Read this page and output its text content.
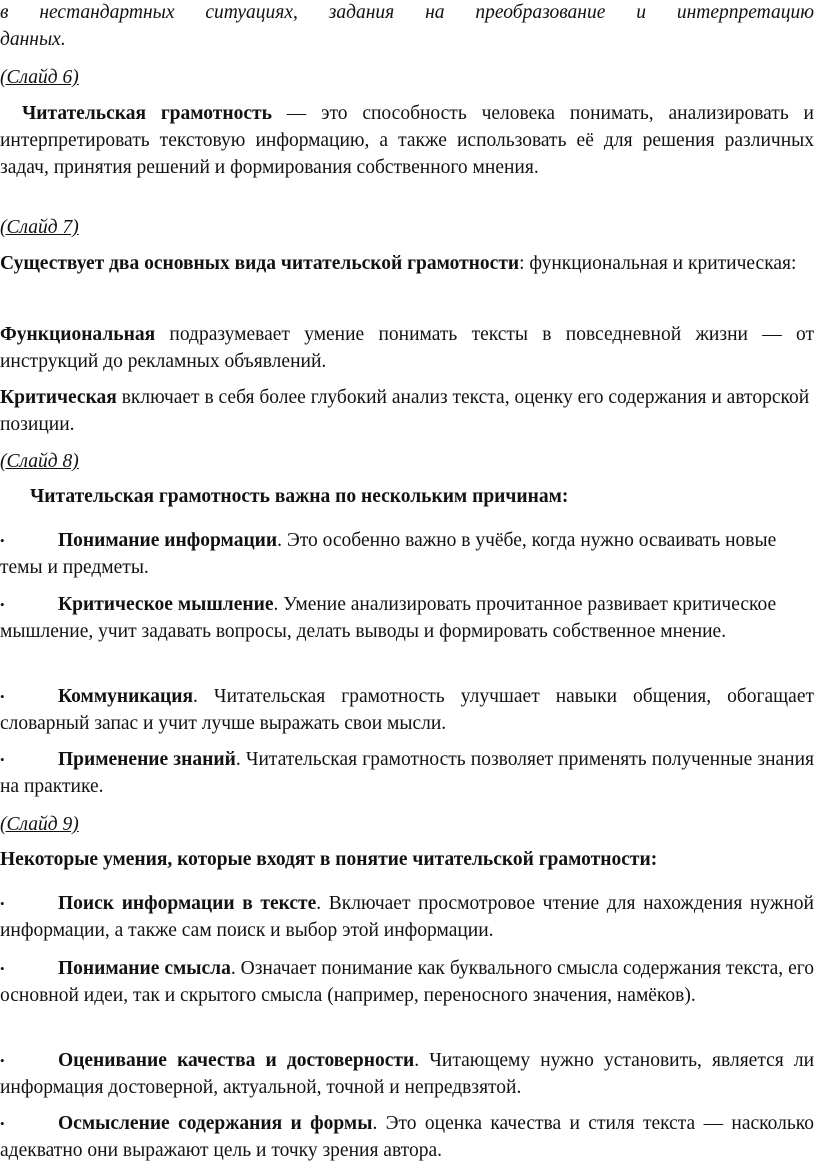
в нестандартных ситуациях, задания на преобразование и интерпретацию

данных.

(Слайд 6)

Читательская грамотность — это способность человека понимать, анализировать и интерпретировать текстовую информацию, а также использовать её для решения различных задач, принятия решений и формирования собственного мнения.

(Слайд 7)

Существует два основных вида читательской грамотности: функциональная и критическая:

Функциональная подразумевает умение понимать тексты в повседневной жизни — от инструкций до рекламных объявлений.

Критическая включает в себя более глубокий анализ текста, оценку его содержания и авторской позиции.

(Слайд 8)

Читательская грамотность важна по нескольким причинам:

•	Понимание информации. Это особенно важно в учёбе, когда нужно осваивать новые темы и предметы.

•	Критическое мышление. Умение анализировать прочитанное развивает критическое мышление, учит задавать вопросы, делать выводы и формировать собственное мнение.

•	Коммуникация. Читательская грамотность улучшает навыки общения, обогащает словарный запас и учит лучше выражать свои мысли.

•	Применение знаний. Читательская грамотность позволяет применять полученные знания на практике.

(Слайд 9)

Некоторые умения, которые входят в понятие читательской грамотности:

•	Поиск информации в тексте. Включает просмотровое чтение для нахождения нужной информации, а также сам поиск и выбор этой информации.

•	Понимание смысла. Означает понимание как буквального смысла содержания текста, его основной идеи, так и скрытого смысла (например, переносного значения, намёков).

•	Оценивание качества и достоверности. Читающему нужно установить, является ли информация достоверной, актуальной, точной и непредвзятой.

•	Осмысление содержания и формы. Это оценка качества и стиля текста — насколько адекватно они выражают цель и точку зрения автора.
